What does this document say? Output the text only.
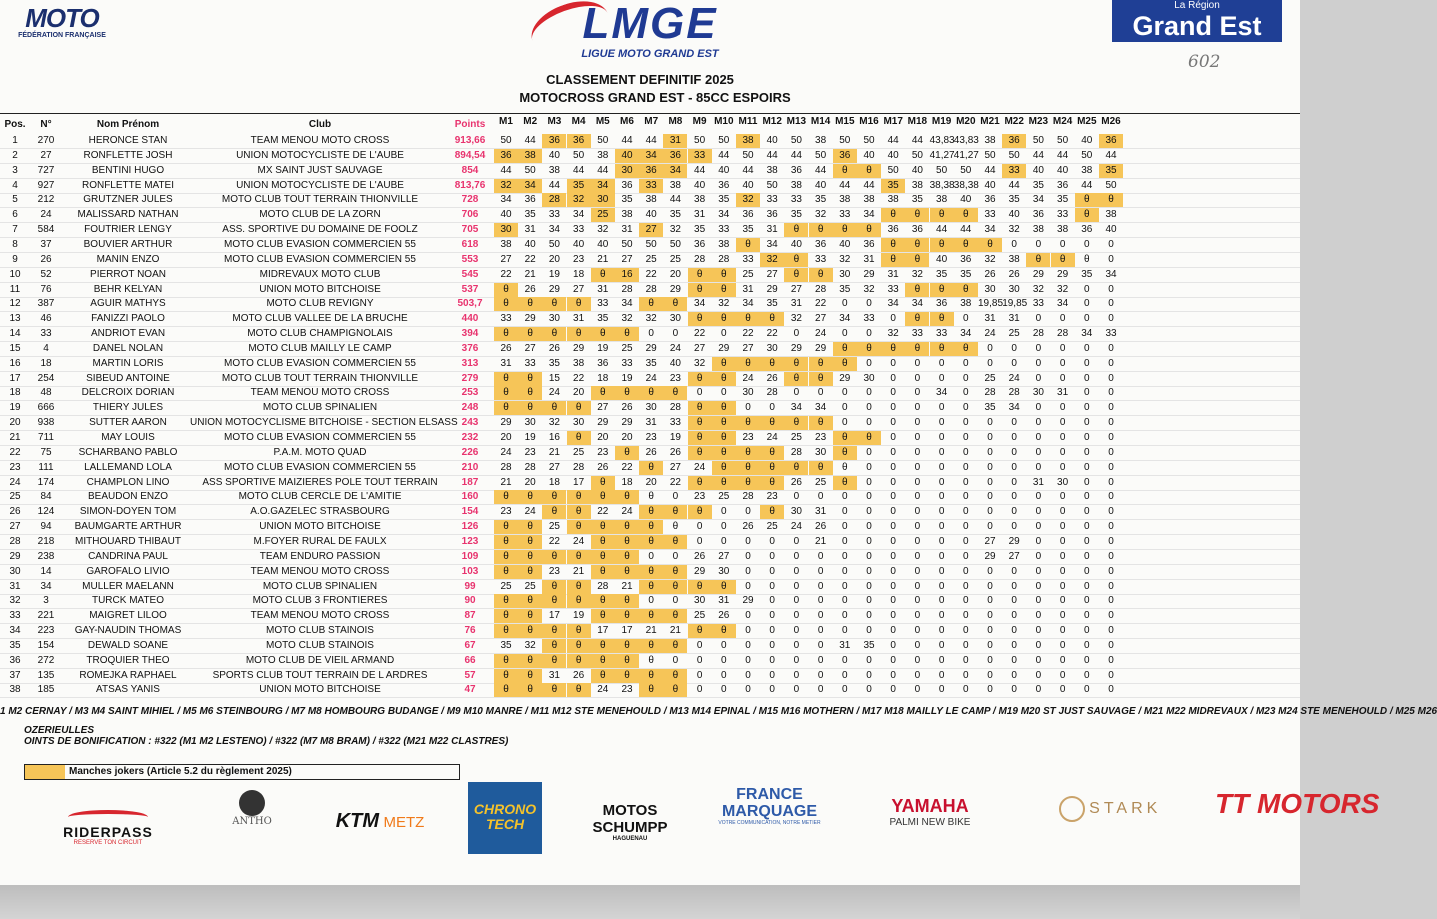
MOTO
FÉDÉRATION FRANÇAISE	LMGE
LIGUE MOTO GRAND EST
La Région
Grand Est
602
CLASSEMENT DEFINITIF 2025
MOTOCROSS GRAND EST - 85CC ESPOIRS
Pos.	N°	Nom Prénom	Club	Points	M1	M2	M3	M4	M5	M6	M7	M8	M9 M10 M11 M12 M13 M14 M15 M16 M17 M18 M19 M20 M21 M22 M23 M24 M25 M26
1	270	HERONCE STAN	TEAM MENOU MOTO CROSS	913,66	50	44	36	36	50	44	44	31	50	50	38	40	50	38	50	50	44	44 43,83 43,83 38	36	50	50	40	36
2	27	RONFLETTE JOSH	UNION MOTOCYCLISTE DE L'AUBE	894,54	36	38	40	50	38	40	34	36	33	44	50	44	44	50	36	40	40	50 41,27 41,27 50	50	44	44	50	44
3	727	BENTINI HUGO	MX SAINT JUST SAUVAGE	854	44	50	38	44	44	30	36	34	44	40	44	38	36	44	θ	θ	50	40	50	50	44	33	40	40	38	35
4	927	RONFLETTE MATEI	UNION MOTOCYCLISTE DE L'AUBE	813,76	32	34	44	35	34	36	33	38	40	36	40	50	38	40	44	44	35	38 38,38 38,38 40	44	35	36	44	50
5	212	GRUTZNER JULES	MOTO CLUB TOUT TERRAIN THIONVILLE	728	34	36	28	32	30	35	38	44	38	35	32	33	33	35	38	38	38	35	38	40	36	35	34	35	θ	θ
6	24	MALISSARD NATHAN	MOTO CLUB DE LA ZORN	706	40	35	33	34	25	38	40	35	31	34	36	36	35	32	33	34	θ	θ	θ	θ	33	40	36	33	θ	38
7	584	FOUTRIER LENGY	ASS. SPORTIVE DU DOMAINE DE FOOLZ	705	30	31	34	33	32	31	27	32	35	33	35	31	θ	θ	θ	θ	36	36	44	44	34	32	38	38	36	40
8	37	BOUVIER ARTHUR	MOTO CLUB EVASION COMMERCIEN 55	618	38	40	50	40	40	50	50	50	36	38	θ	34	40	36	40	36	θ	θ	θ	θ	θ	0	0	0	0	0
9	26	MANIN ENZO	MOTO CLUB EVASION COMMERCIEN 55	553	27	22	20	23	21	27	25	25	28	28	33	32	θ	33	32	31	θ	θ	40	36	32	38	θ	θ	θ	0
10	52	PIERROT NOAN	MIDREVAUX MOTO CLUB	545	22	21	19	18	θ	16	22	20	θ	θ	25	27	θ	θ	30	29	31	32	35	35	26	26	29	29	35	34
11	76	BEHR KELYAN	UNION MOTO BITCHOISE	537	θ	26	29	27	31	28	28	29	θ	θ	31	29	27	28	35	32	33	θ	θ	θ	30	30	32	32	0	0
12	387	AGUIR MATHYS	MOTO CLUB REVIGNY	503,7	θ	θ	θ	θ	33	34	θ	θ	34	32	34	35	31	22	0	0	34	34	36	38 19,85 19,85 33	34	0	0
13	46	FANIZZI PAOLO	MOTO CLUB VALLEE DE LA BRUCHE	440	33	29	30	31	35	32	32	30	θ	θ	θ	θ	32	27	34	33	0	θ	θ	0	31	31	0	0	0	0
14	33	ANDRIOT EVAN	MOTO CLUB CHAMPIGNOLAIS	394	θ	θ	θ	θ	θ	θ	0	0	22	0	22	22	0	24	0	0	32	33	33	34	24	25	28	28	34	33
15	4	DANEL NOLAN	MOTO CLUB MAILLY LE CAMP	376	26	27	26	29	19	25	29	24	27	29	27	30	29	29	θ	θ	θ	θ	θ	θ	0	0	0	0	0	0
16	18	MARTIN LORIS	MOTO CLUB EVASION COMMERCIEN 55	313	31	33	35	38	36	33	35	40	32	θ	θ	θ	θ	θ	θ	0	0	0	0	0	0	0	0	0	0	0
17	254	SIBEUD ANTOINE	MOTO CLUB TOUT TERRAIN THIONVILLE	279	θ	θ	15	22	18	19	24	23	θ	θ	24	26	θ	θ	29	30	0	0	0	0	25	24	0	0	0	0
18	48	DELCROIX DORIAN	TEAM MENOU MOTO CROSS	253	θ	θ	24	20	θ	θ	θ	θ	0	0	30	28	0	0	0	0	0	0	34	0	28	28	30	31	0	0
19	666	THIERY JULES	MOTO CLUB SPINALIEN	248	θ	θ	θ	θ	27	26	30	28	θ	θ	0	0	34	34	0	0	0	0	0	0	35	34	0	0	0	0
20	938	SUTTER AARON	UNION MOTOCYCLISME BITCHOISE - SECTION ELSASS 243	29	30	32	30	29	29	31	33	θ	θ	θ	θ	θ	θ	0	0	0	0	0	0	0	0	0	0	0	0
21	711	MAY LOUIS	MOTO CLUB EVASION COMMERCIEN 55	232	20	19	16	θ	20	20	23	19	θ	θ	23	24	25	23	θ	θ	0	0	0	0	0	0	0	0	0	0
22	75	SCHARBANO PABLO	P.A.M. MOTO QUAD	226	24	23	21	25	23	θ	26	26	θ	θ	θ	θ	28	30	θ	0	0	0	0	0	0	0	0	0	0	0
23	111	LALLEMAND LOLA	MOTO CLUB EVASION COMMERCIEN 55	210	28	28	27	28	26	22	θ	27	24	θ	θ	θ	θ	θ	θ	0	0	0	0	0	0	0	0	0	0	0
24	174	CHAMPLON LINO	ASS SPORTIVE MAIZIERES POLE TOUT TERRAIN	187	21	20	18	17	θ	18	20	22	θ	θ	θ	θ	26	25	θ	0	0	0	0	0	0	0	31	30	0	0
25	84	BEAUDON ENZO	MOTO CLUB CERCLE DE L'AMITIE	160	θ	θ	θ	θ	θ	θ	θ	0	23	25	28	23	0	0	0	0	0	0	0	0	0	0	0	0	0	0
26	124	SIMON-DOYEN TOM	A.O.GAZELEC STRASBOURG	154	23	24	θ	θ	22	24	θ	θ	θ	0	0	θ	30	31	0	0	0	0	0	0	0	0	0	0	0	0
27	94	BAUMGARTE ARTHUR	UNION MOTO BITCHOISE	126	θ	θ	25	θ	θ	θ	θ	θ	0	0	26	25	24	26	0	0	0	0	0	0	0	0	0	0	0	0
28	218	MITHOUARD THIBAUT	M.FOYER RURAL DE FAULX	123	θ	θ	22	24	θ	θ	θ	θ	0	0	0	0	0	21	0	0	0	0	0	0	27	29	0	0	0	0
29	238	CANDRINA PAUL	TEAM ENDURO PASSION	109	θ	θ	θ	θ	θ	θ	0	0	26	27	0	0	0	0	0	0	0	0	0	0	29	27	0	0	0	0
30	14	GAROFALO LIVIO	TEAM MENOU MOTO CROSS	103	θ	θ	23	21	θ	θ	θ	θ	29	30	0	0	0	0	0	0	0	0	0	0	0	0	0	0	0	0
31	34	MULLER MAELANN	MOTO CLUB SPINALIEN	99	25	25	θ	θ	28	21	θ	θ	θ	θ	0	0	0	0	0	0	0	0	0	0	0	0	0	0	0	0
32	3	TURCK MATEO	MOTO CLUB 3 FRONTIERES	90	θ	θ	θ	θ	θ	θ	0	0	30	31	29	0	0	0	0	0	0	0	0	0	0	0	0	0	0	0
33	221	MAIGRET LILOO	TEAM MENOU MOTO CROSS	87	θ	θ	17	19	θ	θ	θ	θ	25	26	0	0	0	0	0	0	0	0	0	0	0	0	0	0	0	0
34	223	GAY-NAUDIN THOMAS	MOTO CLUB STAINOIS	76	θ	θ	θ	θ	17	17	21	21	θ	θ	0	0	0	0	0	0	0	0	0	0	0	0	0	0	0	0
35	154	DEWALD SOANE	MOTO CLUB STAINOIS	67	35	32	θ	θ	θ	θ	θ	θ	0	0	0	0	0	0	31	35	0	0	0	0	0	0	0	0	0	0
36	272	TROQUIER THEO	MOTO CLUB DE VIEIL ARMAND	66	θ	θ	θ	θ	θ	θ	θ	0	0	0	0	0	0	0	0	0	0	0	0	0	0	0	0	0	0	0
37	135	ROMEJKA RAPHAEL	SPORTS CLUB TOUT TERRAIN DE L ARDRES	57	θ	θ	31	26	θ	θ	θ	θ	0	0	0	0	0	0	0	0	0	0	0	0	0	0	0	0	0	0
38	185	ATSAS YANIS	UNION MOTO BITCHOISE	47	θ	θ	θ	θ	24	23	θ	θ	0	0	0	0	0	0	0	0	0	0	0	0	0	0	0	0	0	0
1 M2 CERNAY / M3 M4 SAINT MIHIEL / M5 M6 STEINBOURG / M7 M8 HOMBOURG BUDANGE / M9 M10 MANRE / M11 M12 STE MENEHOULD / M13 M14 EPINAL / M15 M16 MOTHERN / M17 M18 MAILLY LE CAMP / M19 M20 ST JUST SAUVAGE / M21 M22 MIDREVAUX / M23 M24 STE MENEHOULD / M25 M26
OZERIEULLES
OINTS DE BONIFICATION : #322 (M1 M2 LESTENO) / #322 (M7 M8 BRAM) / #322 (M21 M22 CLASTRES)
Manches jokers (Article 5.2 du règlement 2025)
RIDERPASS
RESERVE TON CIRCUIT
ANTHO	KTM METZ
CHRONO TECH
MOTOS SCHUMPP
HAGUENAU
FRANCE MARQUAGE
VOTRE COMMUNICATION, NOTRE METIER
YAMAHA
PALMI NEW BIKE
STARK	TT MOTORS
